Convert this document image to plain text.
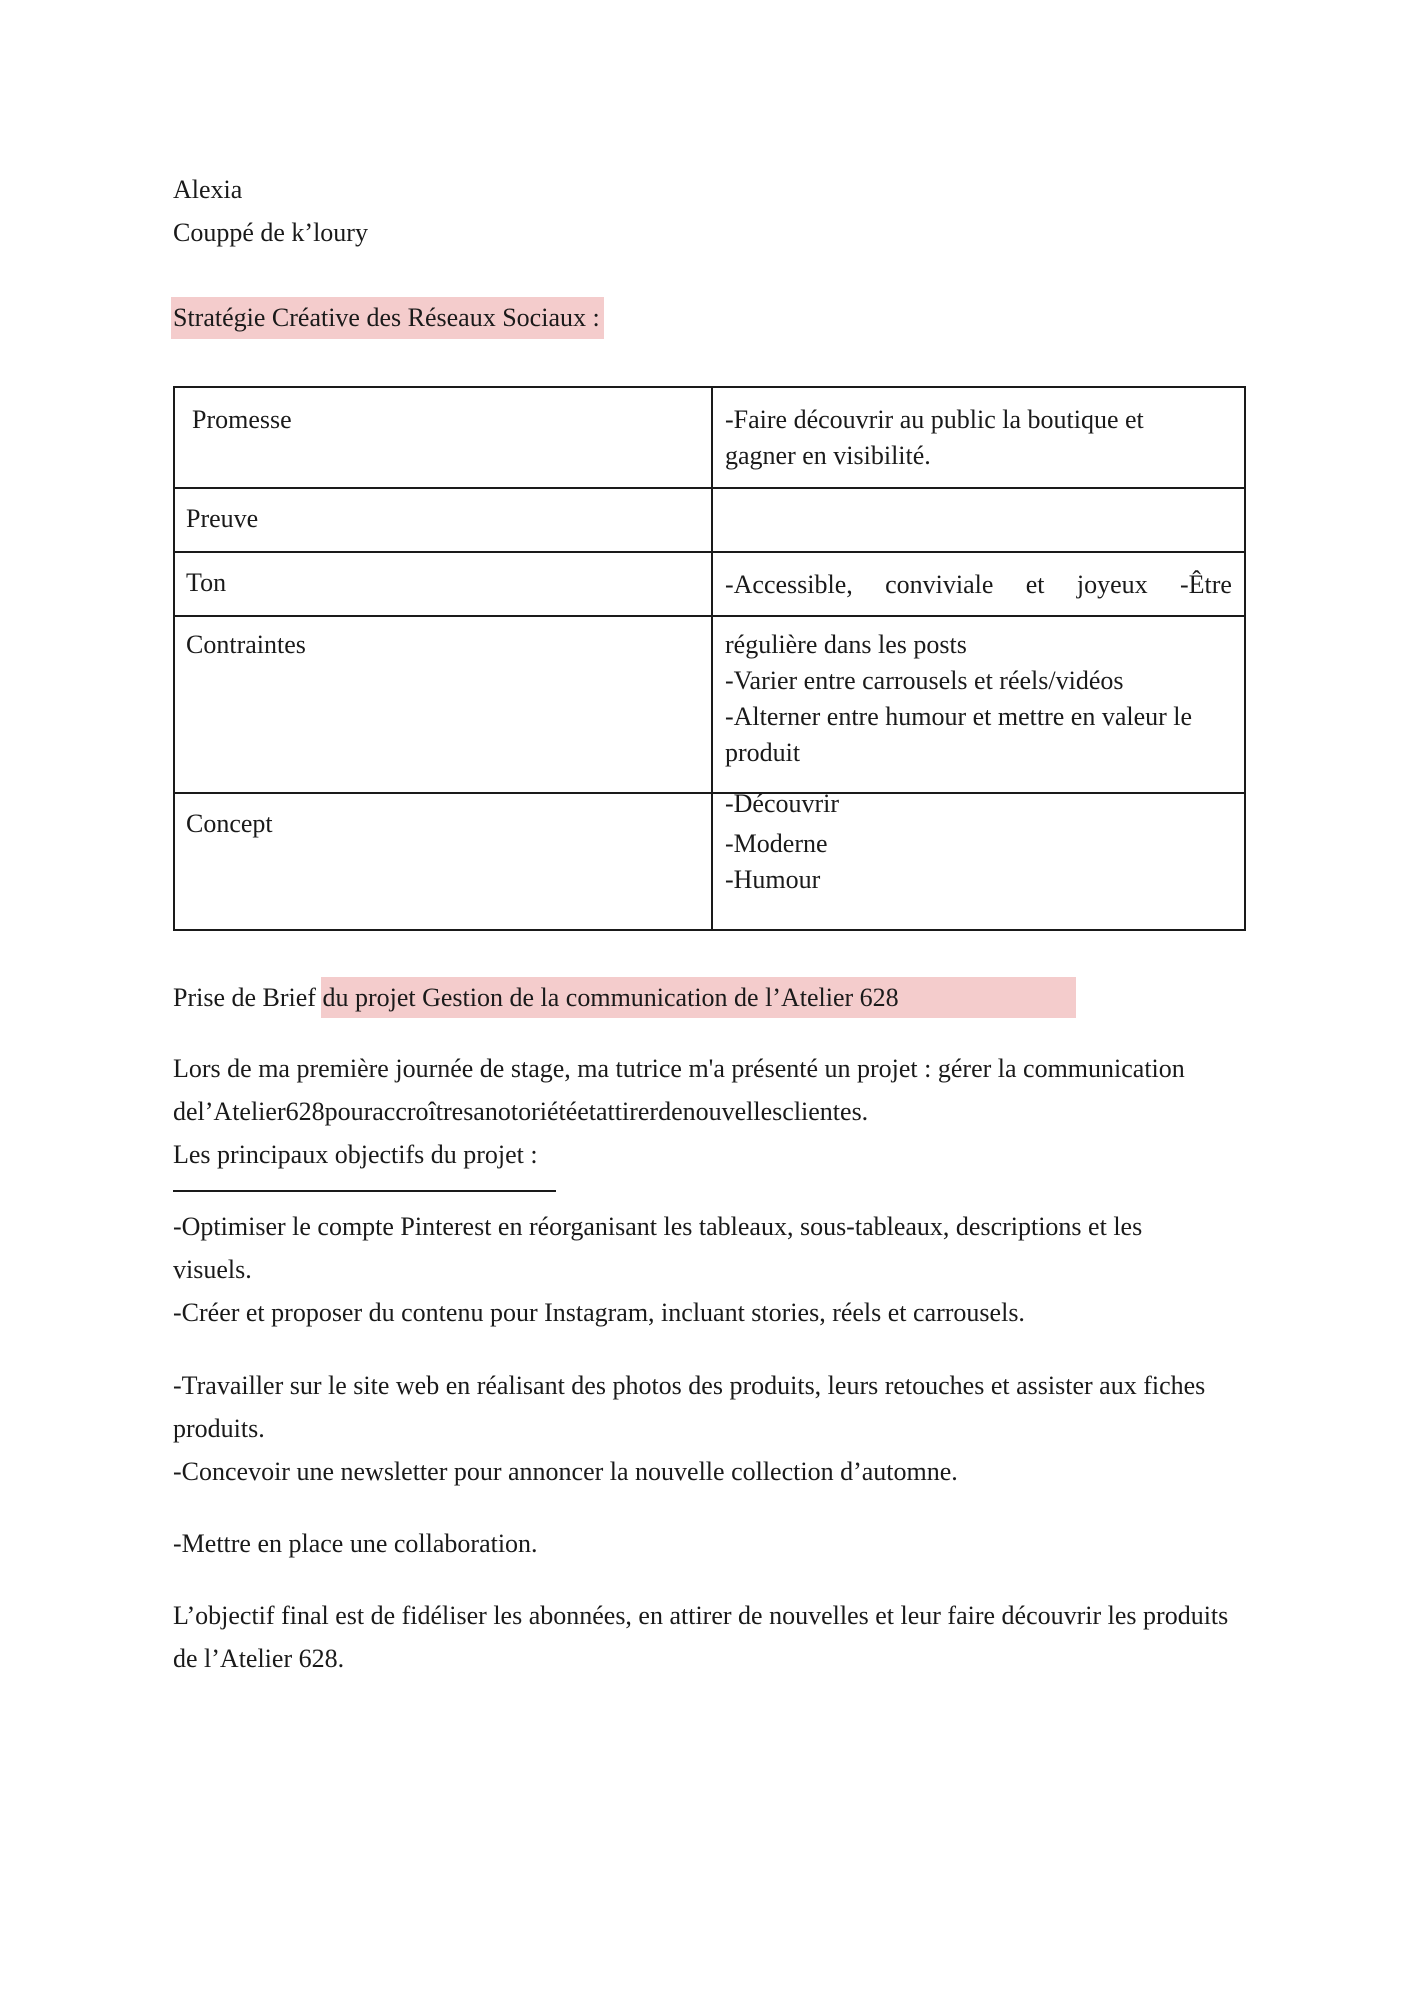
Alexia
Couppé de k’loury
Stratégie Créative des Réseaux Sociaux :
Promesse	-Faire découvrir au public la boutique et
gagner en visibilité.

Preuve	

Ton	-Accessible, conviviale et joyeux -Être

Contraintes	régulière dans les posts
-Varier entre carrousels et réels/vidéos
-Alterner entre humour et mettre en valeur le
produit

Concept	-Découvrir
-Moderne
-Humour
Prise de Brief du projet Gestion de la communication de l’Atelier 628
Lors de ma première journée de stage, ma tutrice m'a présenté un projet : gérer la communication
del’Atelier628pouraccroîtresanotoriétéetattirerdenouvellesclientes.
Les principaux objectifs du projet :
-Optimiser le compte Pinterest en réorganisant les tableaux, sous-tableaux, descriptions et les
visuels.
-Créer et proposer du contenu pour Instagram, incluant stories, réels et carrousels.
-Travailler sur le site web en réalisant des photos des produits, leurs retouches et assister aux fiches
produits.
-Concevoir une newsletter pour annoncer la nouvelle collection d’automne.
-Mettre en place une collaboration.
L’objectif final est de fidéliser les abonnées, en attirer de nouvelles et leur faire découvrir les produits
de l’Atelier 628.
